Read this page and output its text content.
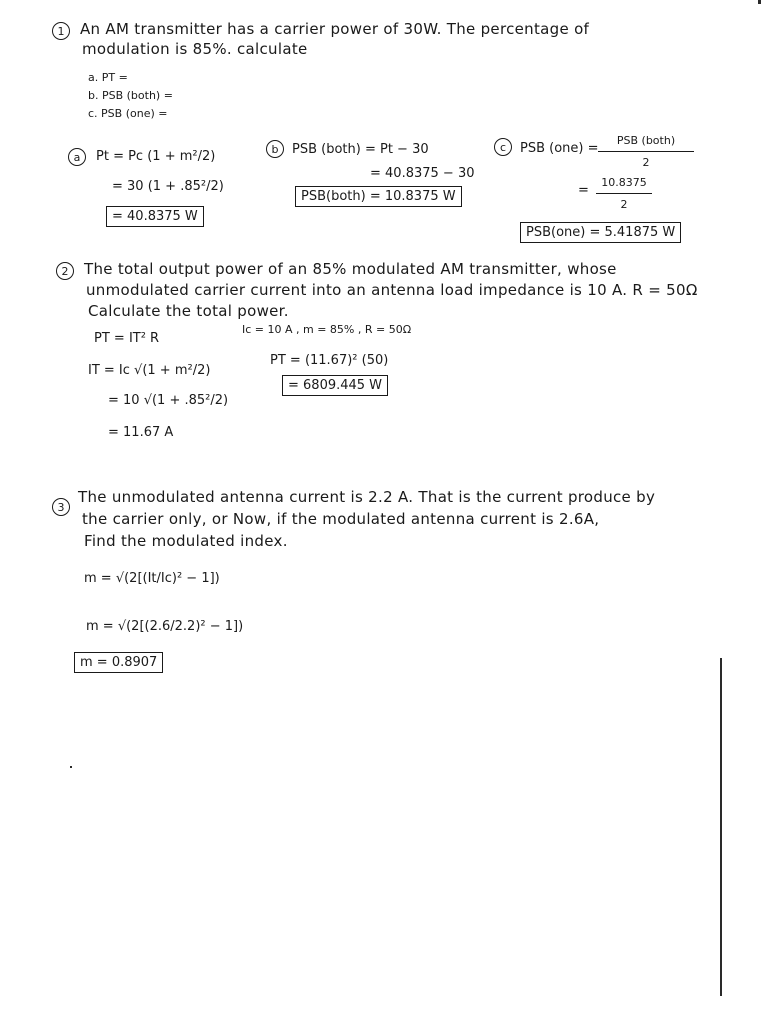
1	An AM transmitter has a carrier power of 30W. The percentage of
modulation is 85%. calculate
a. PT =
b. PSB (both) =
c. PSB (one) =
a	Pt = Pc (1 + m²/2)
= 30 (1 + .85²/2)
= 40.8375 W
b	PSB (both) = Pt − 30
= 40.8375 − 30
PSB(both) = 10.8375 W
c	PSB (one) =
PSB (both)
2
=
10.8375
2
PSB(one) = 5.41875 W
2	The total output power of an 85% modulated AM transmitter, whose
unmodulated carrier current into an antenna load impedance is 10 A. R = 50Ω
Calculate the total power.
PT = IT² R
Ic = 10 A , m = 85% , R = 50Ω
IT = Ic √(1 + m²/2)
= 10 √(1 + .85²/2)
= 11.67 A
PT = (11.67)² (50)
= 6809.445 W
3
The unmodulated antenna current is 2.2 A. That is the current produce by
the carrier only, or Now, if the modulated antenna current is 2.6A,
Find the modulated index.
m = √(2[(It/Ic)² − 1])
m = √(2[(2.6/2.2)² − 1])
m = 0.8907
